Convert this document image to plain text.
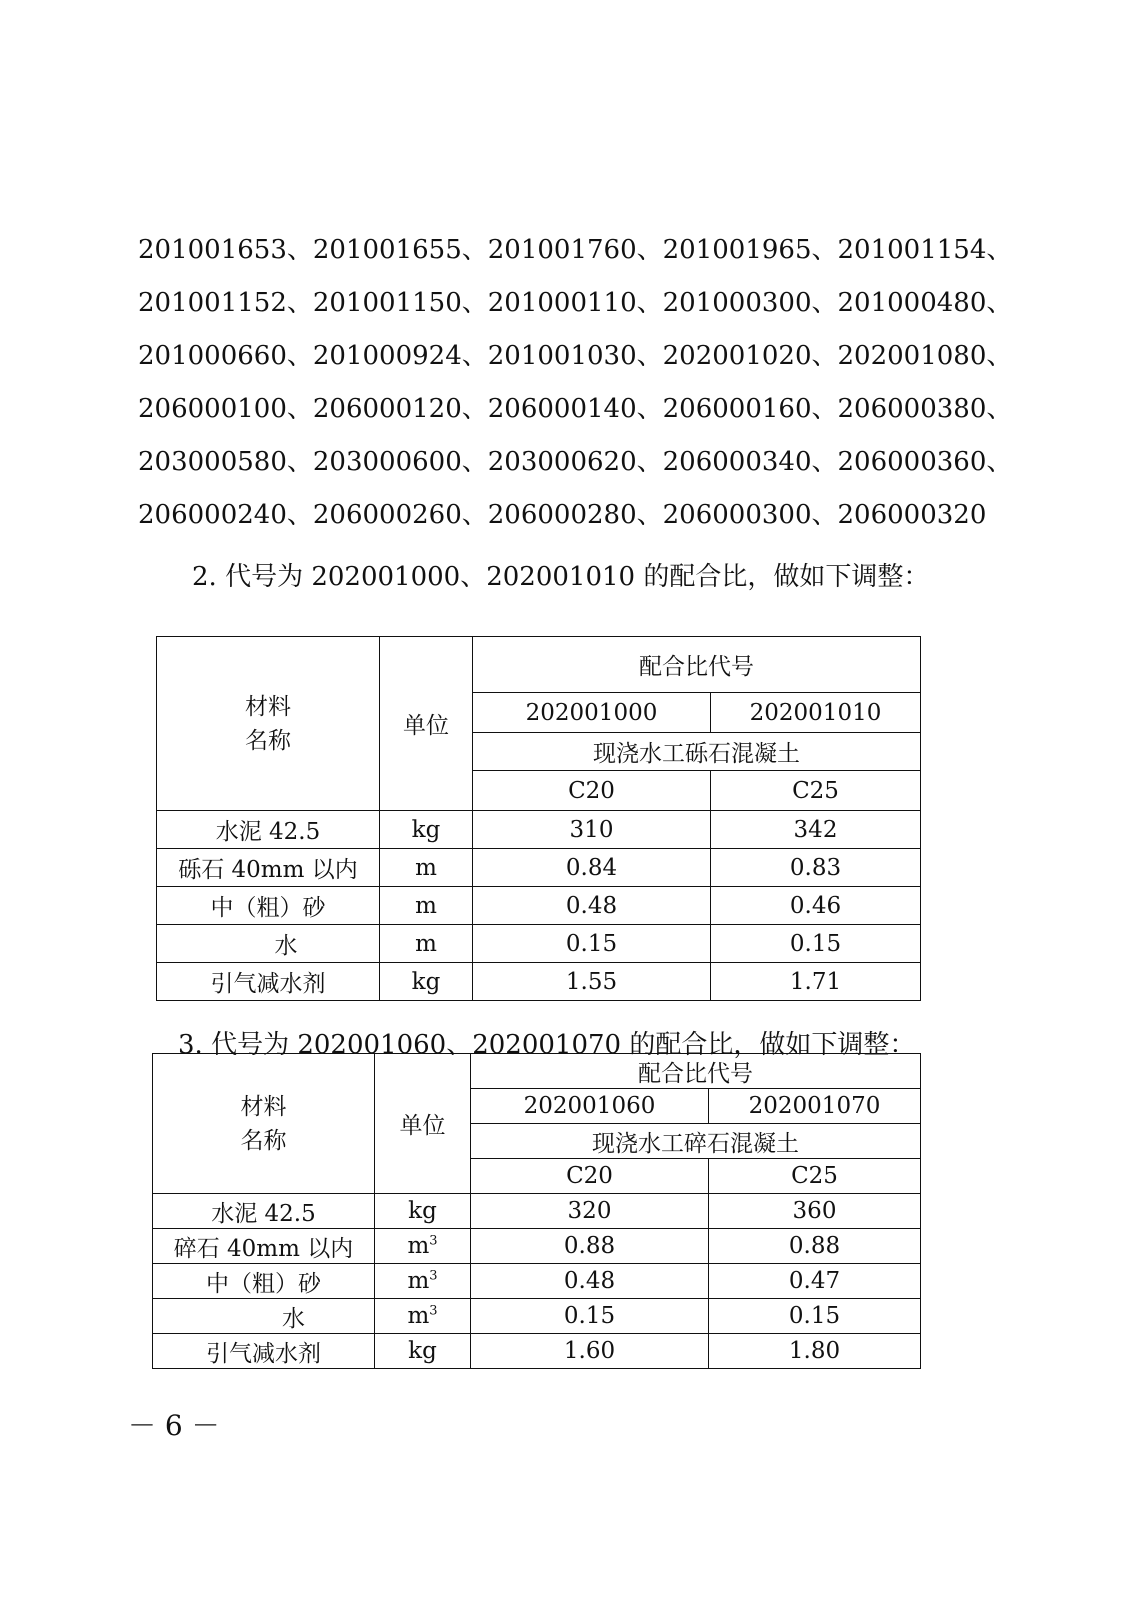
201001653、201001655、201001760、201001965、201001154、
201001152、201001150、201000110、201000300、201000480、
201000660、201000924、201001030、202001020、202001080、
206000100、206000120、206000140、206000160、206000380、
203000580、203000600、203000620、206000340、206000360、
206000240、206000260、206000280、206000300、206000320
2. 代号为 202001000、202001010 的配合比，做如下调整：
材料
名称	单位	配合比代号	
		202001000	202001010
		现浇水工砾石混凝土	
		C20	C25
水泥 42.5	kg	310	342
砾石 40mm 以内	m	0.84	0.83
中（粗）砂	m	0.48	0.46
水	m	0.15	0.15
引气减水剂	kg	1.55	1.71
3. 代号为 202001060、202001070 的配合比，做如下调整：
材料
名称	单位	配合比代号	
		202001060	202001070
		现浇水工碎石混凝土	
		C20	C25
水泥 42.5	kg	320	360
碎石 40mm 以内	$m^3$	0.88	0.88
中（粗）砂	$m^3$	0.48	0.47
水	$m^3$	0.15	0.15
引气减水剂	kg	1.60	1.80
－ 6 －
